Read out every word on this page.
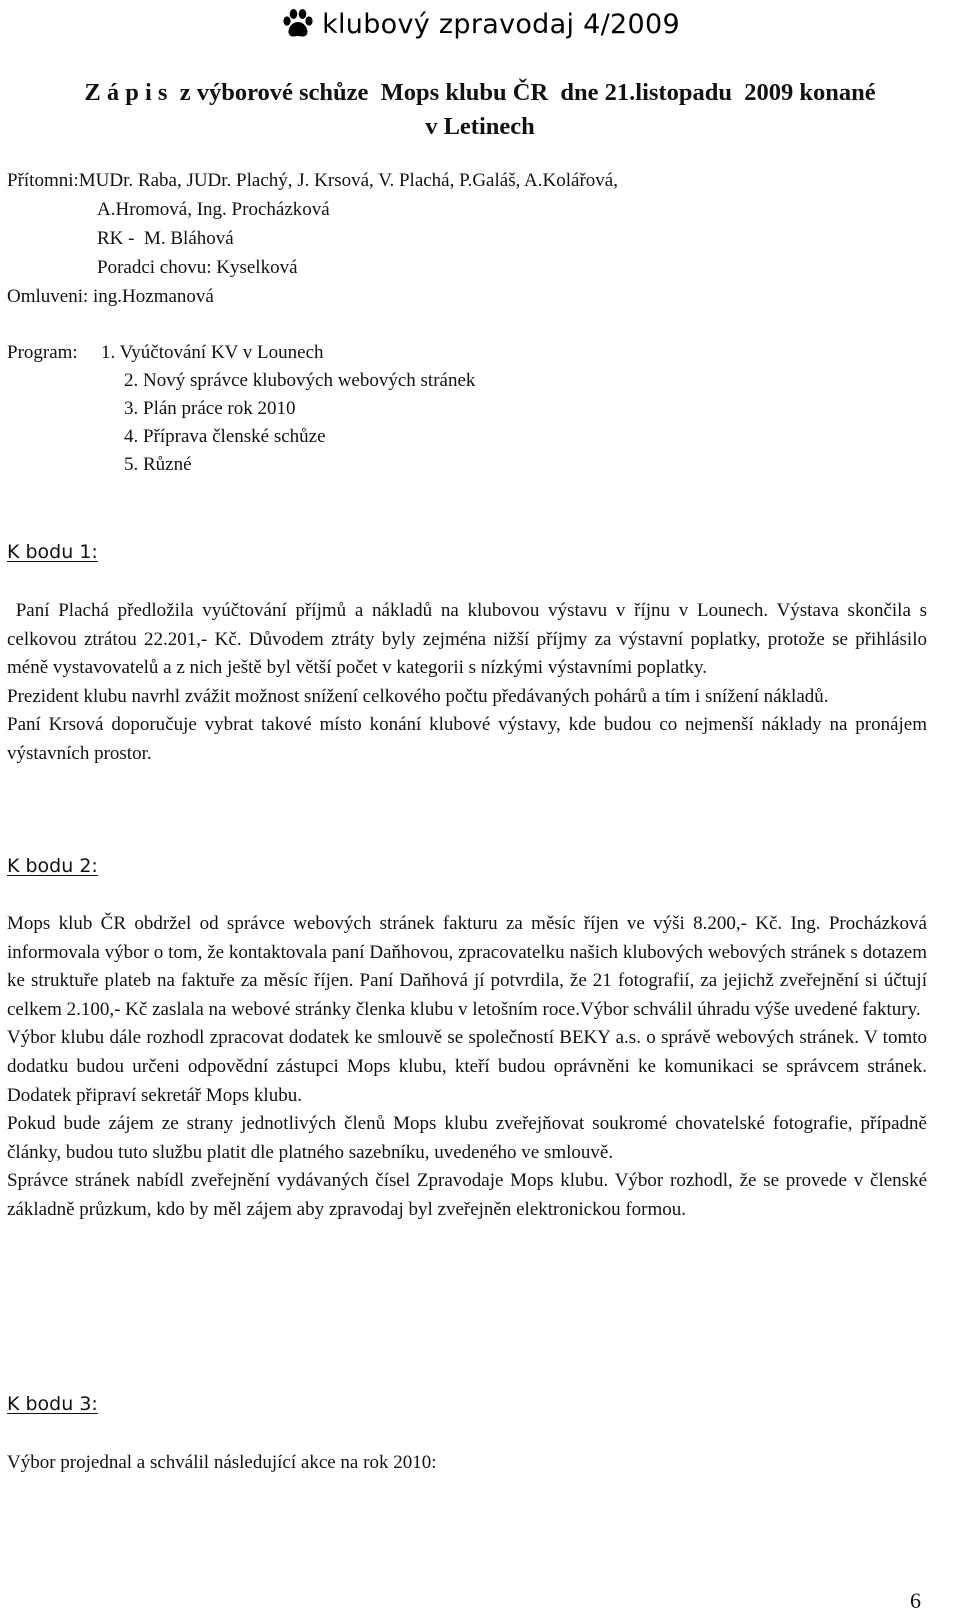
klubový zpravodaj 4/2009
Z á p i s  z výborové schůze  Mops klubu ČR  dne 21.listopadu  2009 konané
v Letinech
Přítomni:MUDr. Raba, JUDr. Plachý, J. Krsová, V. Plachá, P.Galáš, A.Kolářová,
A.Hromová, Ing. Procházková
RK -  M. Bláhová
Poradci chovu: Kyselková
Omluveni: ing.Hozmanová
Program: 1. Vyúčtování KV v Lounech
2. Nový správce klubových webových stránek
3. Plán práce rok 2010
4. Příprava členské schůze
5. Různé
K bodu 1:

Paní Plachá předložila vyúčtování příjmů a nákladů na klubovou výstavu v říjnu v Lounech. Výstava skončila s celkovou ztrátou 22.201,- Kč. Důvodem ztráty byly zejména nižší příjmy za výstavní poplatky, protože se přihlásilo méně vystavovatelů a z nich ještě byl větší počet v kategorii s nízkými výstavními poplatky.

Prezident klubu navrhl zvážit možnost snížení celkového počtu předávaných pohárů a tím i snížení nákladů.

Paní Krsová doporučuje vybrat takové místo konání klubové výstavy, kde budou co nejmenší náklady na pronájem výstavních prostor.

K bodu 2:

Mops klub ČR obdržel od správce webových stránek fakturu za měsíc říjen ve výši 8.200,- Kč. Ing. Procházková informovala výbor o tom, že kontaktovala paní Daňhovou, zpracovatelku našich klubových webových stránek s dotazem ke struktuře plateb na faktuře za měsíc říjen. Paní Daňhová jí potvrdila, že 21 fotografií, za jejichž zveřejnění si účtují celkem 2.100,- Kč zaslala na webové stránky členka klubu v letošním roce.Výbor schválil úhradu výše uvedené faktury.

Výbor klubu dále rozhodl zpracovat dodatek ke smlouvě se společností BEKY a.s. o správě webových stránek. V tomto dodatku budou určeni odpovědní zástupci Mops klubu, kteří budou oprávněni ke komunikaci se správcem stránek. Dodatek připraví sekretář Mops klubu.

Pokud bude zájem ze strany jednotlivých členů Mops klubu zveřejňovat soukromé chovatelské fotografie, případně články, budou tuto službu platit dle platného sazebníku, uvedeného ve smlouvě.

Správce stránek nabídl zveřejnění vydávaných čísel Zpravodaje Mops klubu. Výbor rozhodl, že se provede v členské základně průzkum, kdo by měl zájem aby zpravodaj byl zveřejněn elektronickou formou.

K bodu 3:

Výbor projednal a schválil následující akce na rok 2010:

6
